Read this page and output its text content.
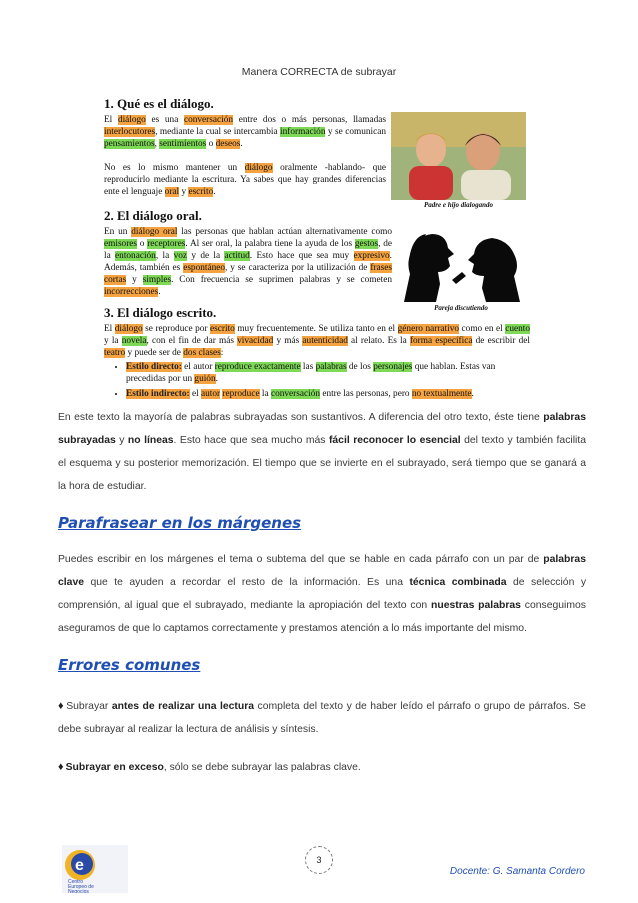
Manera CORRECTA de subrayar
1. Qué es el diálogo.
El diálogo es una conversación entre dos o más personas, llamadas interlocutores, mediante la cual se intercambia información y se comunican pensamientos, sentimientos o deseos.
No es lo mismo mantener un diálogo oralmente -hablando- que reproducirlo mediante la escritura. Ya sabes que hay grandes diferencias ente el lenguaje oral y escrito.
Padre e hijo dialogando
2. El diálogo oral.
En un diálogo oral las personas que hablan actúan alternativamente como emisores o receptores. Al ser oral, la palabra tiene la ayuda de los gestos, de la entonación, la voz y de la actitud. Esto hace que sea muy expresivo. Además, también es espontáneo, y se caracteriza por la utilización de frases cortas y simples. Con frecuencia se suprimen palabras y se cometen incorrecciones.
Pareja discutiendo
3. El diálogo escrito.
El diálogo se reproduce por escrito muy frecuentemente. Se utiliza tanto en el género narrativo como en el cuento y la novela, con el fin de dar más vivacidad y más autenticidad al relato. Es la forma específica de escribir del teatro y puede ser de dos clases:
• Estilo directo: el autor reproduce exactamente las palabras de los personajes que hablan. Estas van precedidas por un guión.
• Estilo indirecto: el autor reproduce la conversación entre las personas, pero no textualmente.

En este texto la mayoría de palabras subrayadas son sustantivos. A diferencia del otro texto, éste tiene palabras subrayadas y no líneas. Esto hace que sea mucho más fácil reconocer lo esencial del texto y también facilita el esquema y su posterior memorización. El tiempo que se invierte en el subrayado, será tiempo que se ganará a la hora de estudiar.

Parafrasear en los márgenes

Puedes escribir en los márgenes el tema o subtema del que se hable en cada párrafo con un par de palabras clave que te ayuden a recordar el resto de la información. Es una técnica combinada de selección y comprensión, al igual que el subrayado, mediante la apropiación del texto con nuestras palabras conseguimos aseguramos de que lo captamos correctamente y prestamos atención a lo más importante del mismo.

Errores comunes

♦ Subrayar antes de realizar una lectura completa del texto y de haber leído el párrafo o grupo de párrafos. Se debe subrayar al realizar la lectura de análisis y síntesis.

♦ Subrayar en exceso, sólo se debe subrayar las palabras clave.

e
Centro
Europeo de
Negocios
3
Docente: G. Samanta Cordero
